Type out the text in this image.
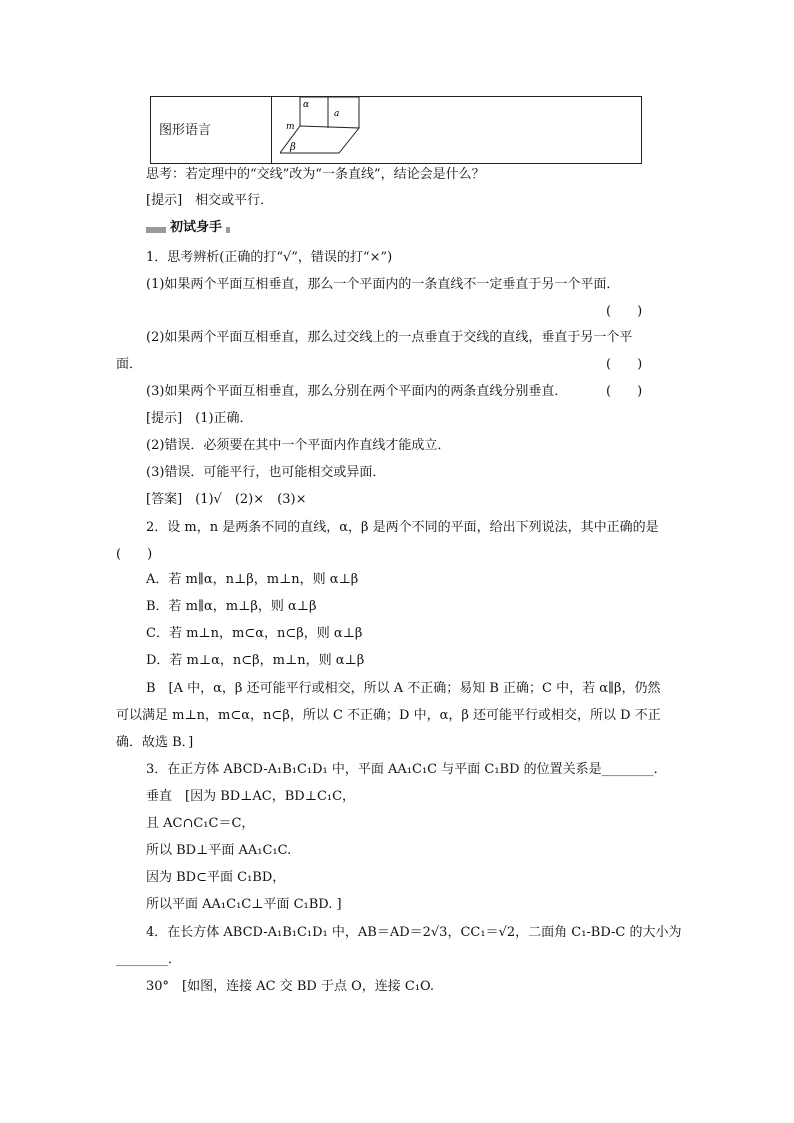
图形语言
α
a
m
β
思考：若定理中的“交线”改为“一条直线”，结论会是什么？
[提示]　 相交或平行．
初试身手
1．思考辨析(正确的打“√”，错误的打“×”)
(1)如果两个平面互相垂直，那么一个平面内的一条直线不一定垂直于另一个平面．
(　　)
(2)如果两个平面互相垂直，那么过交线上的一点垂直于交线的直线，垂直于另一个平
面．	(　　)
(3)如果两个平面互相垂直，那么分别在两个平面内的两条直线分别垂直．	(　　)
[提示]　(1)正确．
(2)错误．必须要在其中一个平面内作直线才能成立．
(3)错误．可能平行，也可能相交或异面．
[答案]　(1)√　(2)×　(3)×
2．设 m，n 是两条不同的直线，α，β 是两个不同的平面，给出下列说法，其中正确的是
(　　)
A．若 m∥α，n⊥β，m⊥n，则 α⊥β
B．若 m∥α，m⊥β，则 α⊥β
C．若 m⊥n，m⊂α，n⊂β，则 α⊥β
D．若 m⊥α，n⊂β，m⊥n，则 α⊥β
B　[A 中，α，β 还可能平行或相交，所以 A 不正确；易知 B 正确；C 中，若 α∥β，仍然
可以满足 m⊥n，m⊂α，n⊂β，所以 C 不正确；D 中，α，β 还可能平行或相交，所以 D 不正
确．故选 B．]
3．在正方体 ABCD-A₁B₁C₁D₁ 中，平面 AA₁C₁C 与平面 C₁BD 的位置关系是________．
垂直　[因为 BD⊥AC，BD⊥C₁C，
且 AC∩C₁C＝C，
所以 BD⊥平面 AA₁C₁C.
因为 BD⊂平面 C₁BD，
所以平面 AA₁C₁C⊥平面 C₁BD. ]
4．在长方体 ABCD-A₁B₁C₁D₁ 中，AB＝AD＝2√3，CC₁＝√2，二面角 C₁-BD-C 的大小为
________．
30°　[如图，连接 AC 交 BD 于点 O，连接 C₁O.
